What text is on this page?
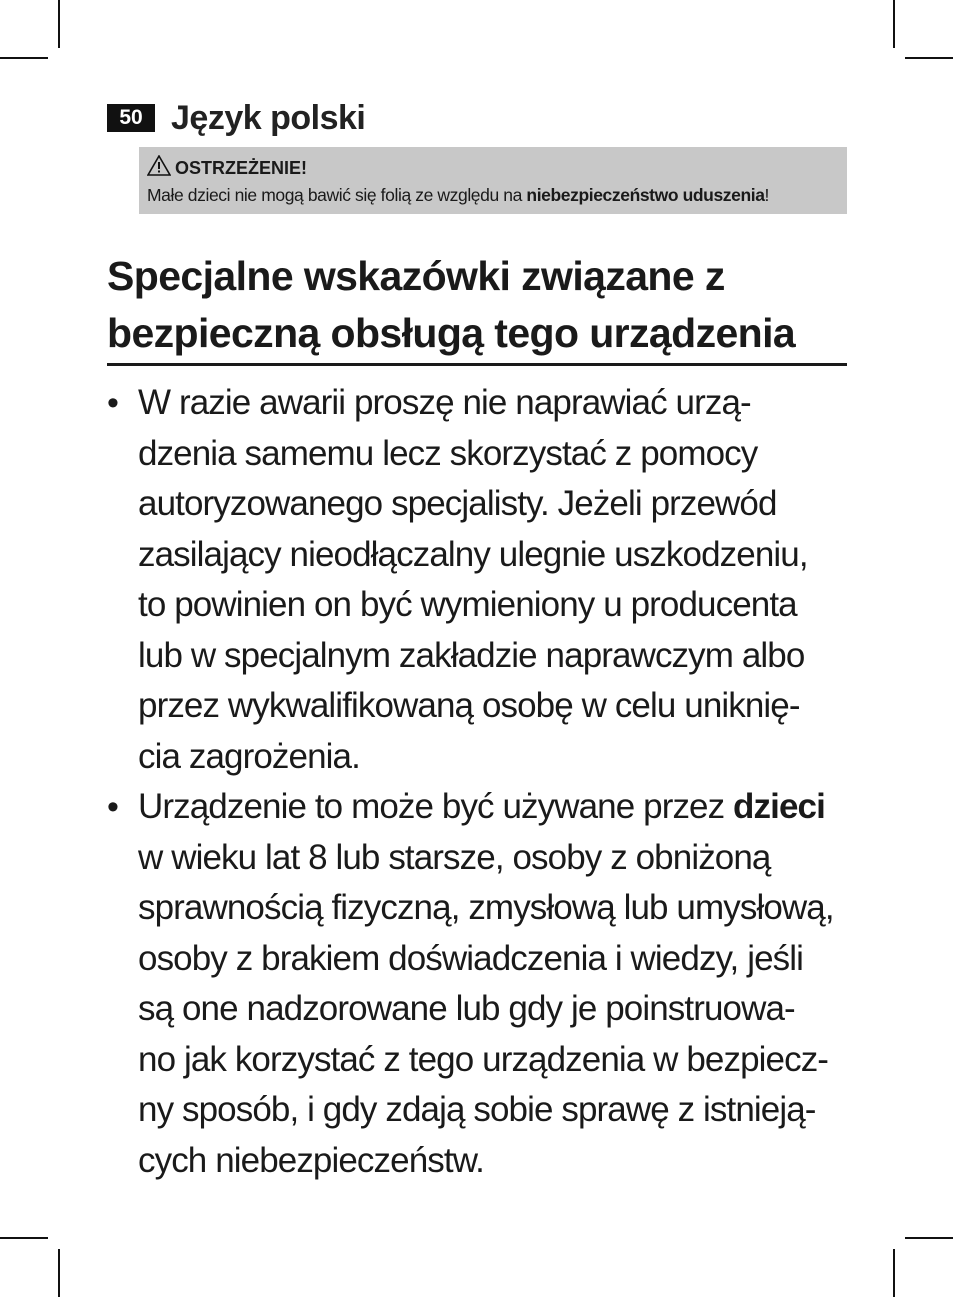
50 Język polski
OSTRZEŻENIE!
Małe dzieci nie mogą bawić się folią ze względu na niebezpieczeństwo uduszenia!
Specjalne wskazówki związane z
bezpieczną obsługą tego urządzenia
• W razie awarii proszę nie naprawiać urzą-
dzenia samemu lecz skorzystać z pomocy
autoryzowanego specjalisty. Jeżeli przewód
zasilający nieodłączalny ulegnie uszkodzeniu,
to powinien on być wymieniony u producenta
lub w specjalnym zakładzie naprawczym albo
przez wykwalifikowaną osobę w celu uniknię-
cia zagrożenia.
• Urządzenie to może być używane przez dzieci
w wieku lat 8 lub starsze, osoby z obniżoną
sprawnością fizyczną, zmysłową lub umysłową,
osoby z brakiem doświadczenia i wiedzy, jeśli
są one nadzorowane lub gdy je poinstruowa-
no jak korzystać z tego urządzenia w bezpiecz-
ny sposób, i gdy zdają sobie sprawę z istnieją-
cych niebezpieczeństw.
